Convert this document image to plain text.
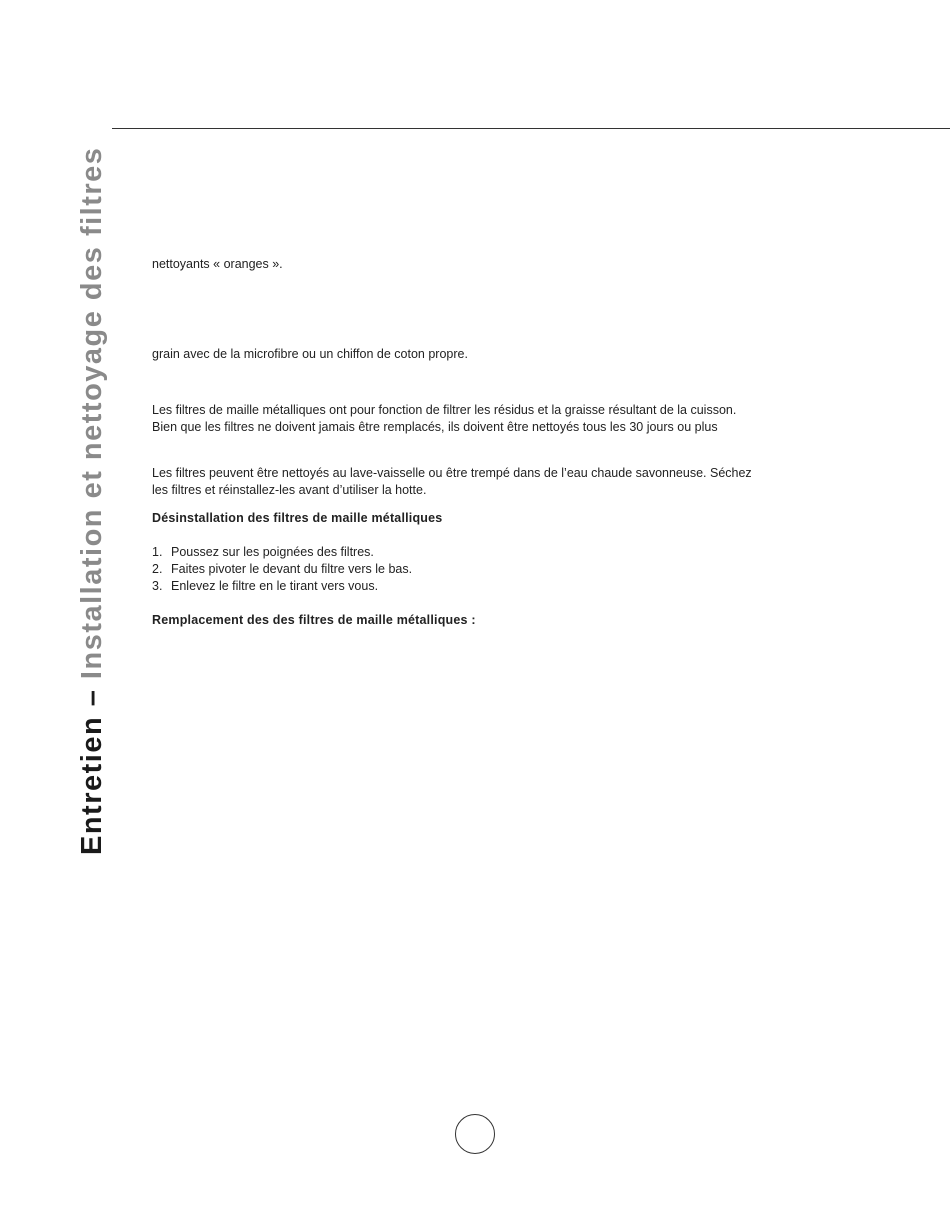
Entretien – Installation et nettoyage des filtres	nettoyants « oranges ».

grain avec de la microfibre ou un chiffon de coton propre.

Les filtres de maille métalliques ont pour fonction de filtrer les résidus et la graisse résultant de la cuisson.
Bien que les filtres ne doivent jamais être remplacés, ils doivent être nettoyés tous les 30 jours ou plus

Les filtres peuvent être nettoyés au lave-vaisselle ou être trempé dans de l’eau chaude savonneuse. Séchez
les filtres et réinstallez-les avant d’utiliser la hotte.

Désinstallation des filtres de maille métalliques

1. Poussez sur les poignées des filtres.
2. Faites pivoter le devant du filtre vers le bas.
3. Enlevez le filtre en le tirant vers vous.

Remplacement des des filtres de maille métalliques :
